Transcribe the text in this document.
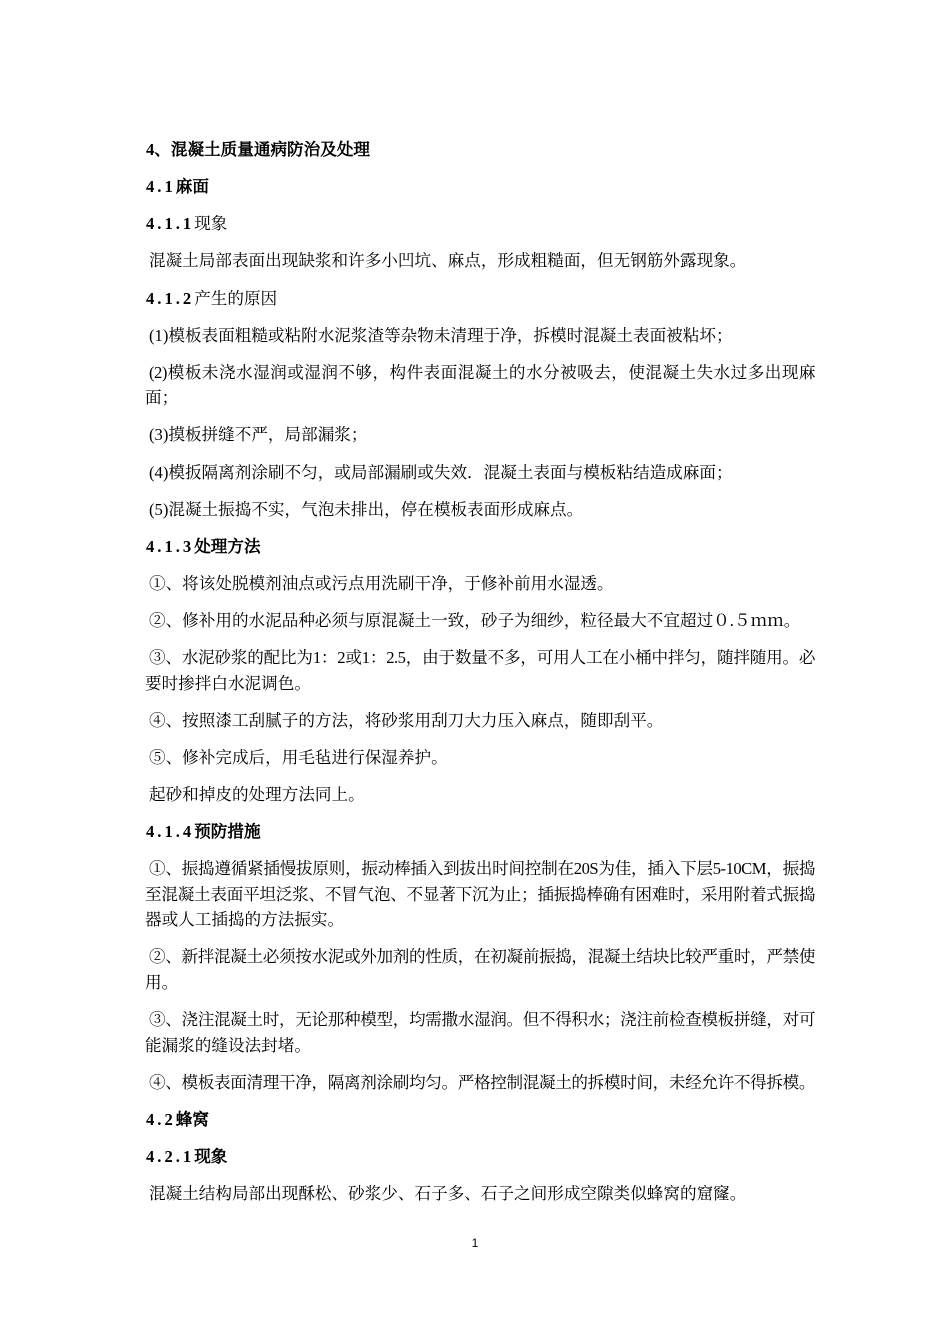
4、混凝土质量通病防治及处理
4.1麻面
4.1.1现象
混凝土局部表面出现缺浆和许多小凹坑、麻点，形成粗糙面，但无钢筋外露现象。
4.1.2产生的原因
(1)模板表面粗糙或粘附水泥浆渣等杂物未清理于净，拆模时混凝土表面被粘坏；
(2)模板未浇水湿润或湿润不够，构件表面混凝土的水分被吸去，使混凝土失水过多出现麻
面；
(3)摸板拼缝不严，局部漏浆；
(4)模扳隔离剂涂刷不匀，或局部漏刷或失效．混凝土表面与模板粘结造成麻面；
(5)混凝土振捣不实，气泡未排出，停在模板表面形成麻点。
4.1.3处理方法
①、将该处脱模剂油点或污点用洗刷干净，于修补前用水湿透。
②、修补用的水泥品种必须与原混凝土一致，砂子为细纱，粒径最大不宜超过０.５ｍｍ。
③、水泥砂浆的配比为1：2或1：2.5，由于数量不多，可用人工在小桶中拌匀，随拌随用。必
要时掺拌白水泥调色。
④、按照漆工刮腻子的方法，将砂浆用刮刀大力压入麻点，随即刮平。
⑤、修补完成后，用毛毡进行保湿养护。
起砂和掉皮的处理方法同上。
4.1.4预防措施
①、振捣遵循紧插慢拔原则，振动棒插入到拔出时间控制在20S为佳，插入下层5-10CM，振捣
至混凝土表面平坦泛浆、不冒气泡、不显著下沉为止；插振捣棒确有困难时，采用附着式振捣
器或人工插捣的方法振实。
②、新拌混凝土必须按水泥或外加剂的性质，在初凝前振捣，混凝土结块比较严重时，严禁使
用。
③、浇注混凝土时，无论那种模型，均需撒水湿润。但不得积水；浇注前检查模板拼缝，对可
能漏浆的缝设法封堵。
④、模板表面清理干净，隔离剂涂刷均匀。严格控制混凝土的拆模时间，未经允许不得拆模。
4.2蜂窝
4.2.1现象
混凝土结构局部出现酥松、砂浆少、石子多、石子之间形成空隙类似蜂窝的窟窿。
1
